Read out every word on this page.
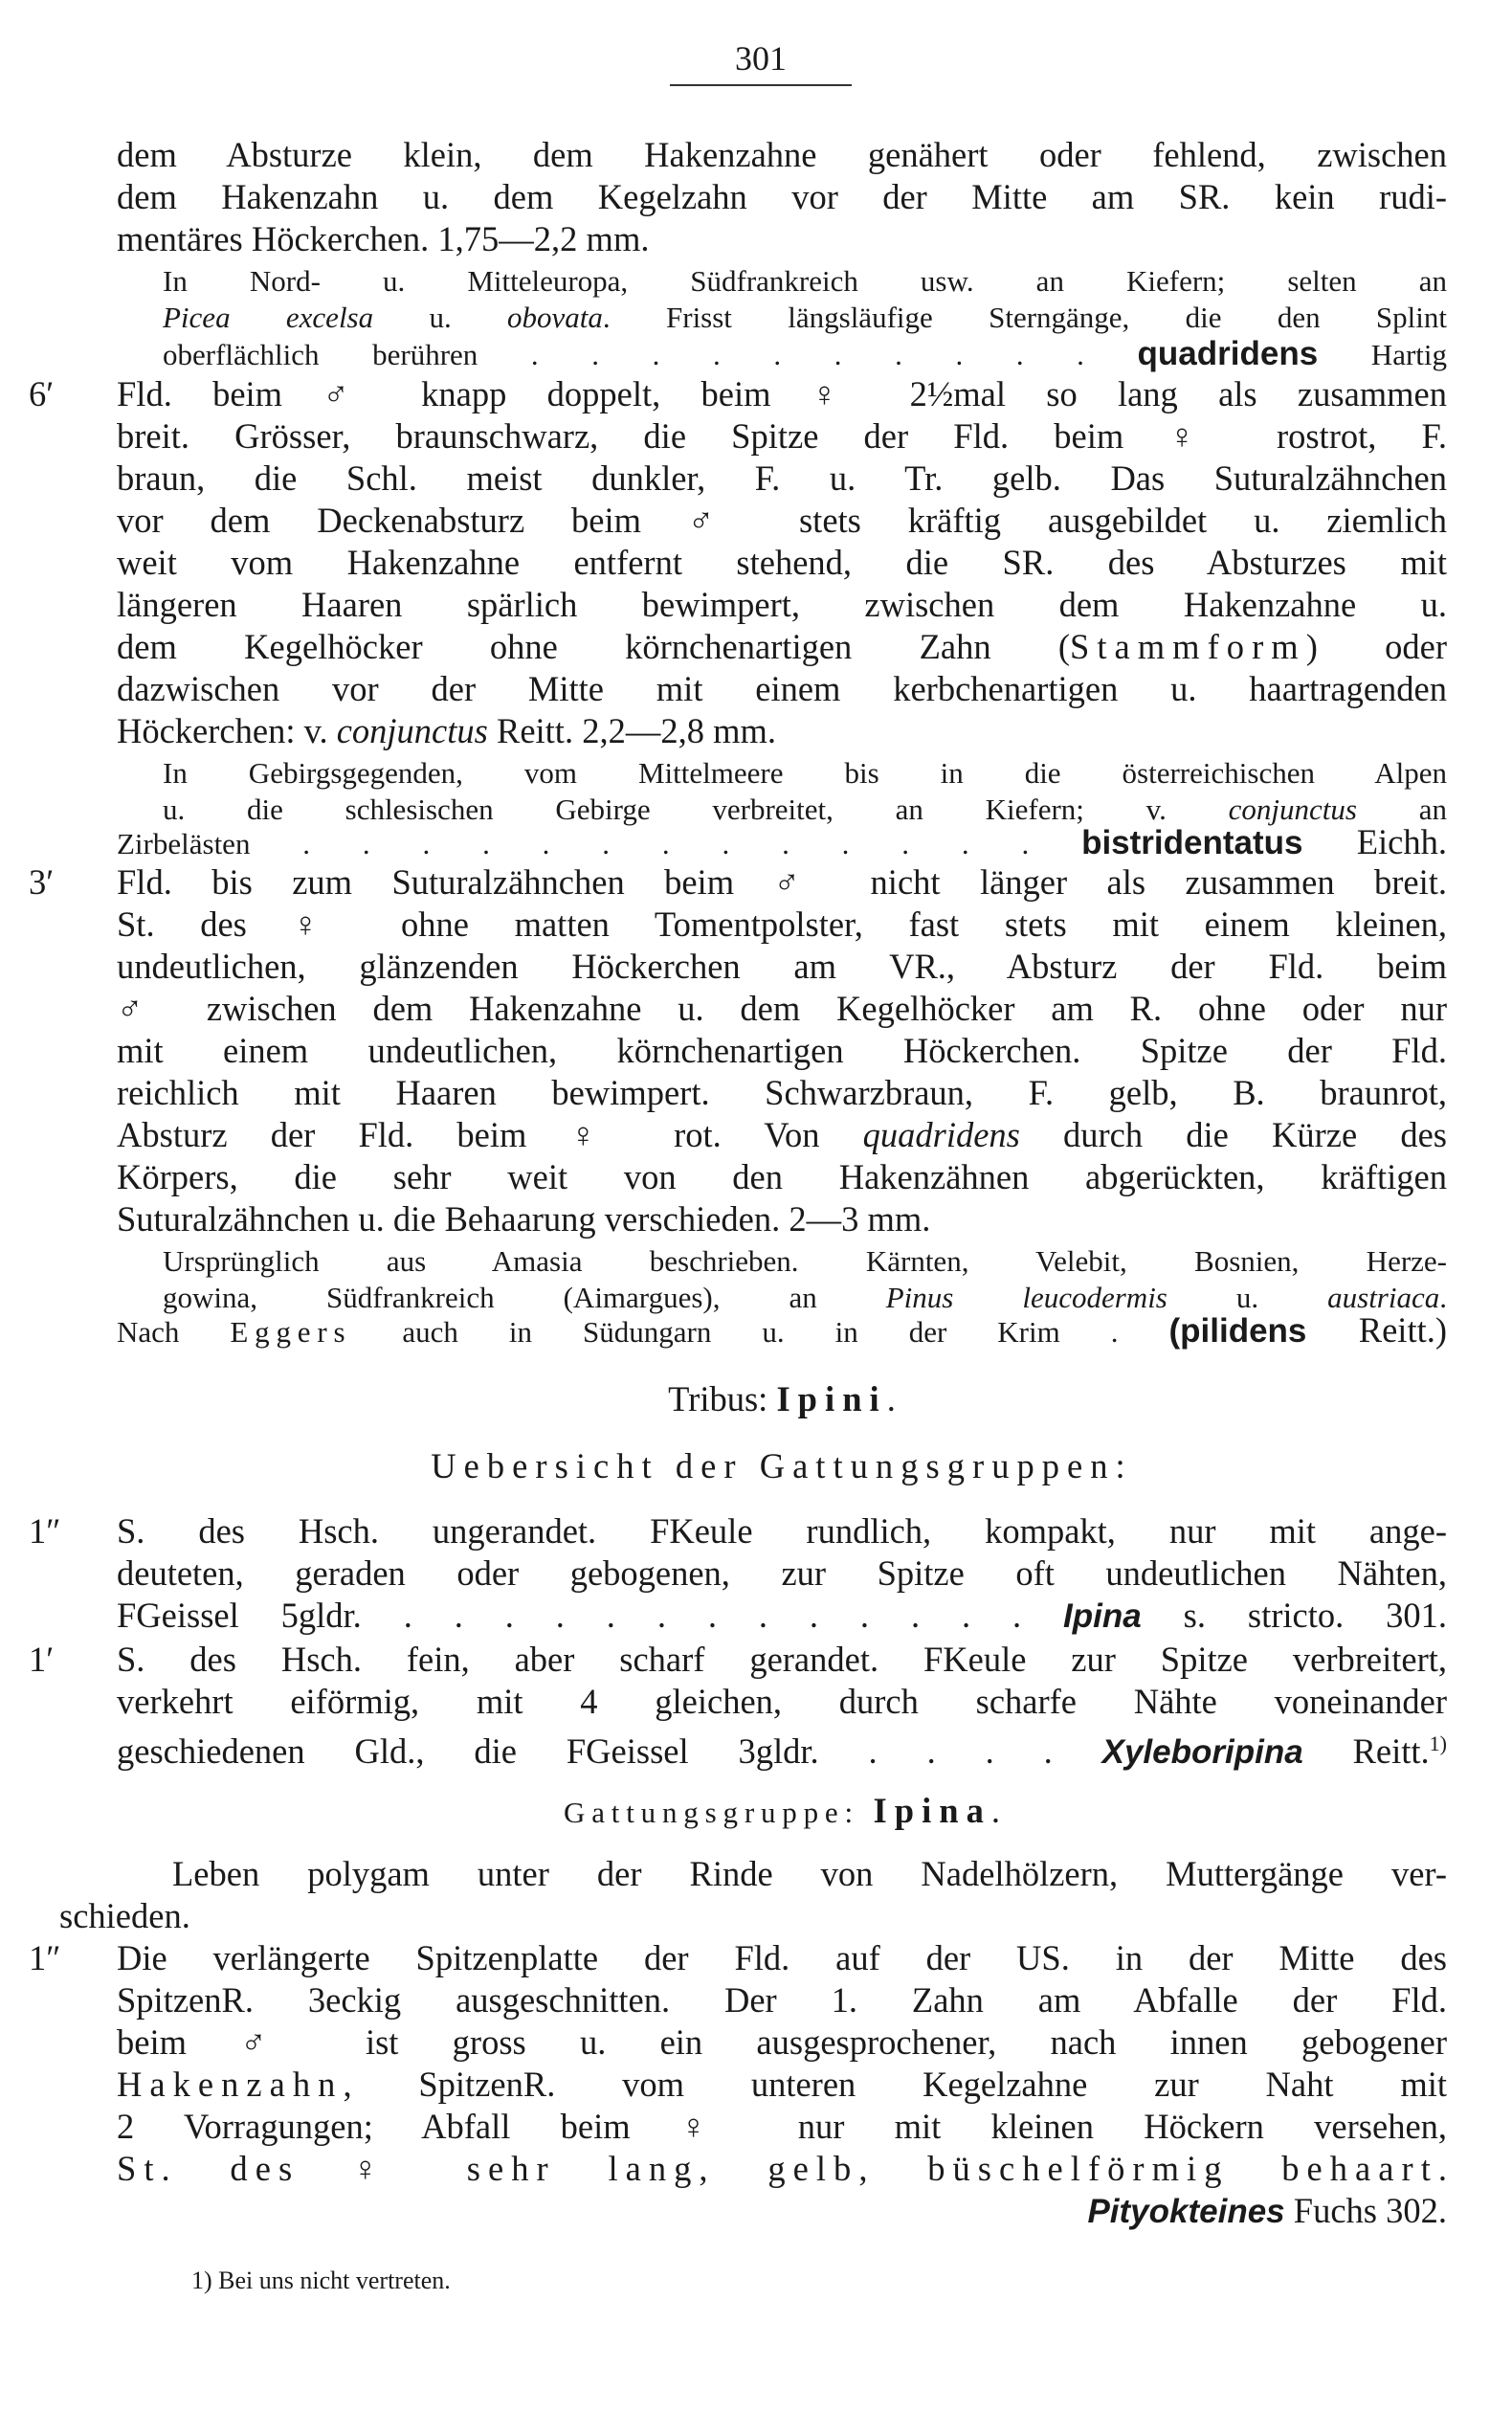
301
dem Absturze klein, dem Hakenzahne genähert oder fehlend, zwischen
dem Hakenzahn u. dem Kegelzahn vor der Mitte am SR. kein rudi-
mentäres Höckerchen. 1,75—2,2 mm.
In Nord- u. Mitteleuropa, Südfrankreich usw. an Kiefern; selten an
Picea excelsa u. obovata. Frisst längsläufige Sterngänge, die den Splint
oberflächlich berühren . . . . . . . . . . quadridens Hartig
6′ Fld. beim ♂ knapp doppelt, beim ♀ 2½mal so lang als zusammen
breit. Grösser, braunschwarz, die Spitze der Fld. beim ♀ rostrot, F.
braun, die Schl. meist dunkler, F. u. Tr. gelb. Das Suturalzähnchen
vor dem Deckenabsturz beim ♂ stets kräftig ausgebildet u. ziemlich
weit vom Hakenzahne entfernt stehend, die SR. des Absturzes mit
längeren Haaren spärlich bewimpert, zwischen dem Hakenzahne u.
dem Kegelhöcker ohne körnchenartigen Zahn (Stammform) oder
dazwischen vor der Mitte mit einem kerbchenartigen u. haartragenden
Höckerchen: v. conjunctus Reitt. 2,2—2,8 mm.
In Gebirgsgegenden, vom Mittelmeere bis in die österreichischen Alpen
u. die schlesischen Gebirge verbreitet, an Kiefern; v. conjunctus an
Zirbelästen . . . . . . . . . . . . . bistridentatus Eichh.
3′ Fld. bis zum Suturalzähnchen beim ♂ nicht länger als zusammen breit.
St. des ♀ ohne matten Tomentpolster, fast stets mit einem kleinen,
undeutlichen, glänzenden Höckerchen am VR., Absturz der Fld. beim
♂ zwischen dem Hakenzahne u. dem Kegelhöcker am R. ohne oder nur
mit einem undeutlichen, körnchenartigen Höckerchen. Spitze der Fld.
reichlich mit Haaren bewimpert. Schwarzbraun, F. gelb, B. braunrot,
Absturz der Fld. beim ♀ rot. Von quadridens durch die Kürze des
Körpers, die sehr weit von den Hakenzähnen abgerückten, kräftigen
Suturalzähnchen u. die Behaarung verschieden. 2—3 mm.
Ursprünglich aus Amasia beschrieben. Kärnten, Velebit, Bosnien, Herze-
gowina, Südfrankreich (Aimargues), an Pinus leucodermis u. austriaca.
Nach Eggers auch in Südungarn u. in der Krim . (pilidens Reitt.)
Tribus: Ipini.
Uebersicht der Gattungsgruppen:
1″ S. des Hsch. ungerandet. FKeule rundlich, kompakt, nur mit ange-
deuteten, geraden oder gebogenen, zur Spitze oft undeutlichen Nähten,
FGeissel 5gldr. . . . . . . . . . . . . . Ipina s. stricto. 301.
1′ S. des Hsch. fein, aber scharf gerandet. FKeule zur Spitze verbreitert,
verkehrt eiförmig, mit 4 gleichen, durch scharfe Nähte voneinander
geschiedenen Gld., die FGeissel 3gldr. . . . . Xyleboripina Reitt.$^{1)}$
Gattungsgruppe: Ipina.
Leben polygam unter der Rinde von Nadelhölzern, Muttergänge ver-
schieden.
1″ Die verlängerte Spitzenplatte der Fld. auf der US. in der Mitte des
SpitzenR. 3eckig ausgeschnitten. Der 1. Zahn am Abfalle der Fld.
beim ♂ ist gross u. ein ausgesprochener, nach innen gebogener
Hakenzahn, SpitzenR. vom unteren Kegelzahne zur Naht mit
2 Vorragungen; Abfall beim ♀ nur mit kleinen Höckern versehen,
St. des ♀ sehr lang, gelb, büschelförmig behaart.
Pityokteines Fuchs 302.
1) Bei uns nicht vertreten.
